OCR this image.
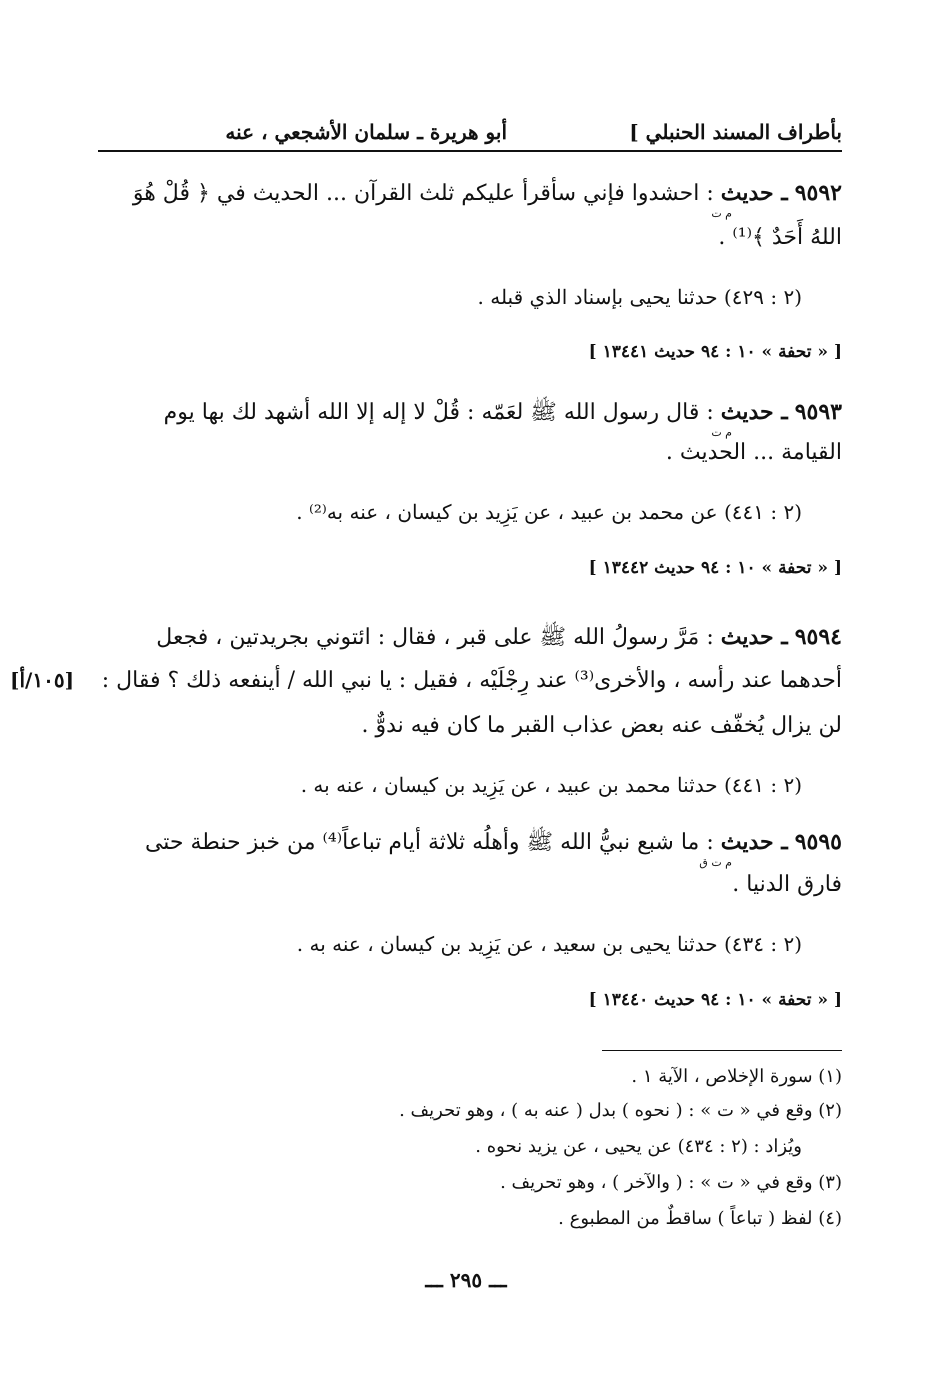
بأطراف المسند الحنبلي ]
أبو هريرة ـ سلمان الأشجعي ، عنه
٩٥٩٢ ـ حديث : احشدوا فإني سأقرأ عليكم ثلث القرآن ... الحديث في ﴿ قُلْ هُوَ
م ت
اللهُ أَحَدٌ ﴾⁽¹⁾ .
(٢ : ٤٢٩) حدثنا يحيى بإسناد الذي قبله .
[ « تحفة » ١٠ : ٩٤ حديث ١٣٤٤١ ]
٩٥٩٣ ـ حديث : قال رسول الله ﷺ لعَمّه : قُلْ لا إله إلا الله أشهد لك بها يوم
م ت
القيامة ... الحديث .
(٢ : ٤٤١) عن محمد بن عبيد ، عن يَزِيد بن كيسان ، عنه به⁽²⁾ .
[ « تحفة » ١٠ : ٩٤ حديث ١٣٤٤٢ ]
٩٥٩٤ ـ حديث : مَرَّ رسولُ الله ﷺ على قبر ، فقال : ائتوني بجريدتين ، فجعل
أحدهما عند رأسه ، والأخرى⁽³⁾ عند رِجْلَيْه ، فقيل : يا نبي الله / أينفعه ذلك ؟ فقال :
[١٠٥/أ]
لن يزال يُخفّف عنه بعض عذاب القبر ما كان فيه ندوٌّ .
(٢ : ٤٤١) حدثنا محمد بن عبيد ، عن يَزِيد بن كيسان ، عنه به .
٩٥٩٥ ـ حديث : ما شبع نبيُّ الله ﷺ وأهلُه ثلاثة أيام تباعاً⁽⁴⁾ من خبز حنطة حتى
م ت ق
فارق الدنيا .
(٢ : ٤٣٤) حدثنا يحيى بن سعيد ، عن يَزِيد بن كيسان ، عنه به .
[ « تحفة » ١٠ : ٩٤ حديث ١٣٤٤٠ ]
(١) سورة الإخلاص ، الآية ١ .
(٢) وقع في « ت » : ( نحوه ) بدل ( عنه به ) ، وهو تحريف .
ويُزاد : (٢ : ٤٣٤) عن يحيى ، عن يزيد نحوه .
(٣) وقع في « ت » : ( والآخر ) ، وهو تحريف .
(٤) لفظ ( تباعاً ) ساقطٌ من المطبوع .
ـــ ٢٩٥ ـــ
